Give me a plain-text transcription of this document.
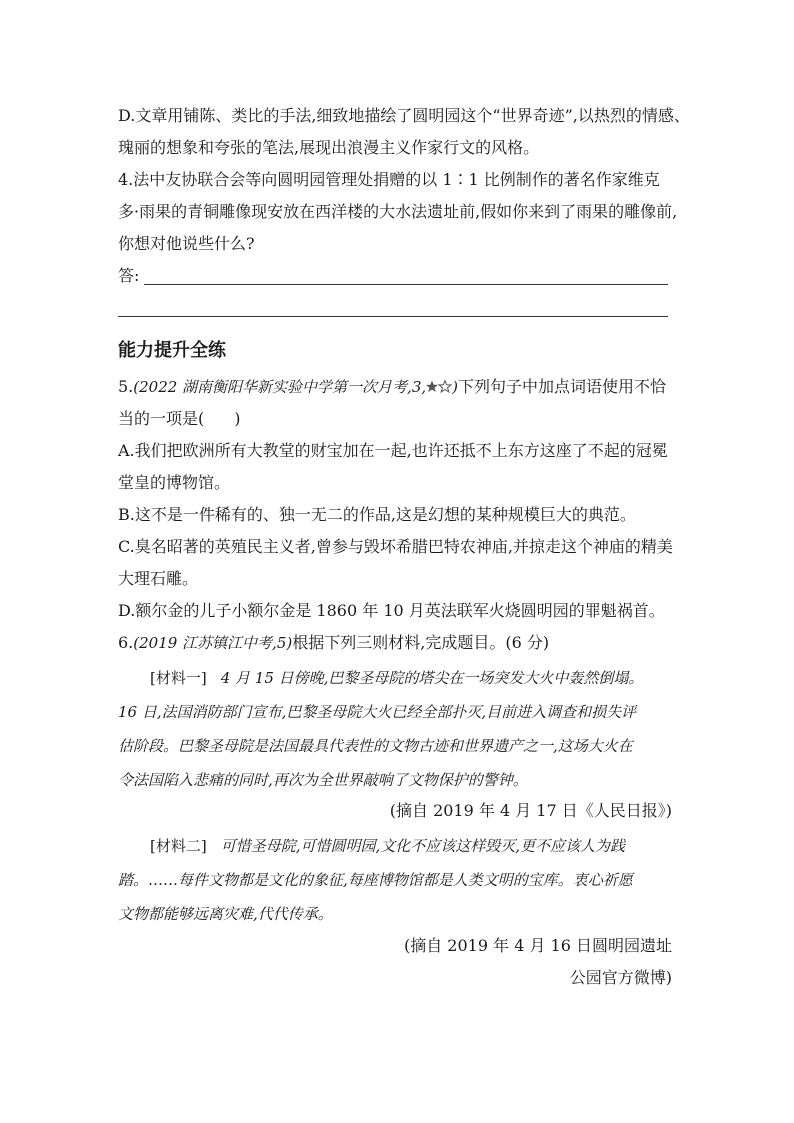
D.文章用铺陈、类比的手法,细致地描绘了圆明园这个“世界奇迹”,以热烈的情感、
瑰丽的想象和夸张的笔法,展现出浪漫主义作家行文的风格。
4.法中友协联合会等向圆明园管理处捐赠的以 1∶1 比例制作的著名作家维克
多·雨果的青铜雕像现安放在西洋楼的大水法遗址前,假如你来到了雨果的雕像前,
你想对他说些什么?
答:
能力提升全练
5.(2022 湖南衡阳华新实验中学第一次月考,3, )下列句子中加点词语使用不恰
当的一项是( )
A.我们把欧洲所有大教堂的财宝加在一起,也许还抵不上东方这座了不起的冠冕
堂皇的博物馆。
B.这不是一件稀有的、独一无二的作品,这是幻想的某种规模巨大的典范。
C.臭名昭著的英殖民主义者,曾参与毁坏希腊巴特农神庙,并掠走这个神庙的精美
大理石雕。
D.额尔金的儿子小额尔金是 1860 年 10 月英法联军火烧圆明园的罪魁祸首。
6.(2019 江苏镇江中考,5)根据下列三则材料,完成题目。(6 分)
[材料一] 4 月 15 日傍晚,巴黎圣母院的塔尖在一场突发大火中轰然倒塌。
16 日,法国消防部门宣布,巴黎圣母院大火已经全部扑灭,目前进入调查和损失评
估阶段。巴黎圣母院是法国最具代表性的文物古迹和世界遗产之一,这场大火在
令法国陷入悲痛的同时,再次为全世界敲响了文物保护的警钟。
(摘自 2019 年 4 月 17 日《人民日报》)
[材料二] 可惜圣母院,可惜圆明园,文化不应该这样毁灭,更不应该人为践
踏。……每件文物都是文化的象征,每座博物馆都是人类文明的宝库。衷心祈愿
文物都能够远离灾难,代代传承。
(摘自 2019 年 4 月 16 日圆明园遗址
公园官方微博)
